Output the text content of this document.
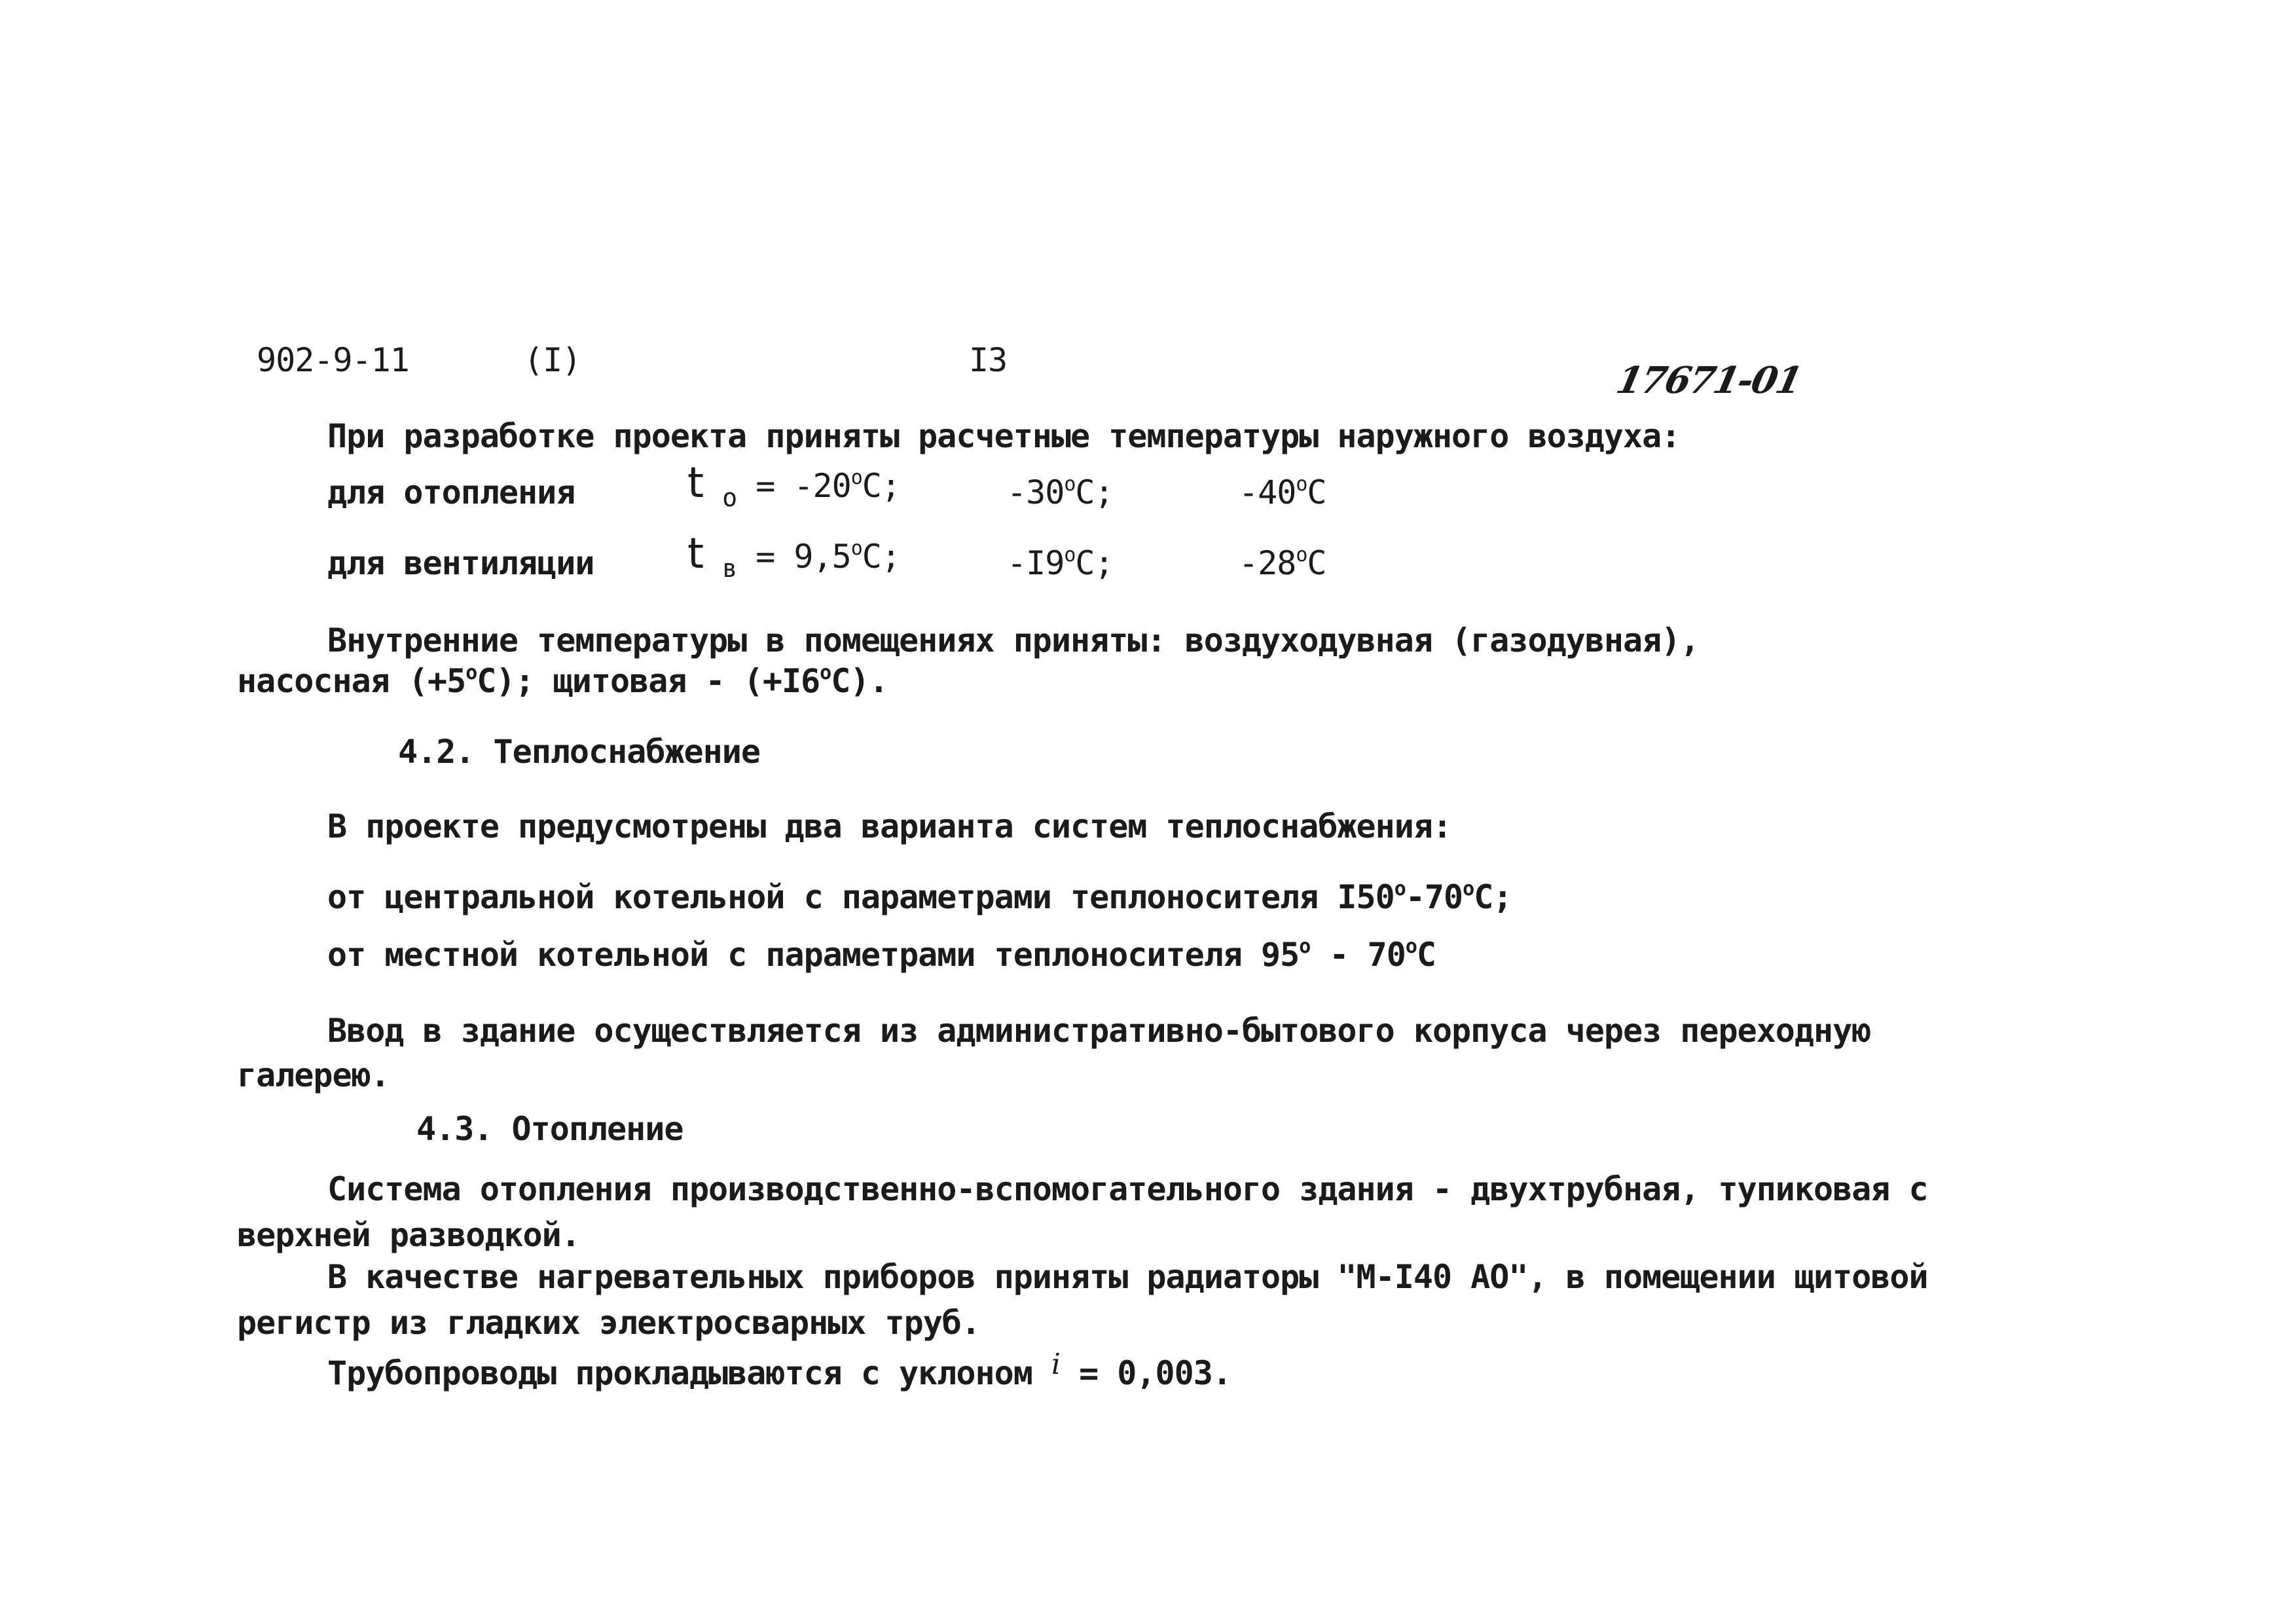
902-9-11	(I)	I3	17671-01
При разработке проекта приняты расчетные температуры наружного воздуха:
для отопления	t $_о = -20^оС$;	$-30^оС$;	$-40^оС$
для вентиляции t $_в = 9,5^оС$;	$-I9^оС$;	$-28^оС$
Внутренние температуры в помещениях приняты: воздуходувная (газодувная),
насосная $(+5^оС)$; щитовая - $(+I6^оС)$.
4.2. Теплоснабжение
В проекте предусмотрены два варианта систем теплоснабжения:
от центральной котельной с параметрами теплоносителя $I50^о-70^оС$;
от местной котельной с параметрами теплоносителя $95^о - 70^оС$
Ввод в здание осуществляется из административно-бытового корпуса через переходную
галерею.
4.3. Отопление
Система отопления производственно-вспомогательного здания - двухтрубная, тупиковая с
верхней разводкой.
В качестве нагревательных приборов приняты радиаторы "М-I40 АО", в помещении щитовой
регистр из гладких электросварных труб.
Трубопроводы прокладываются с уклоном i = 0,003.
